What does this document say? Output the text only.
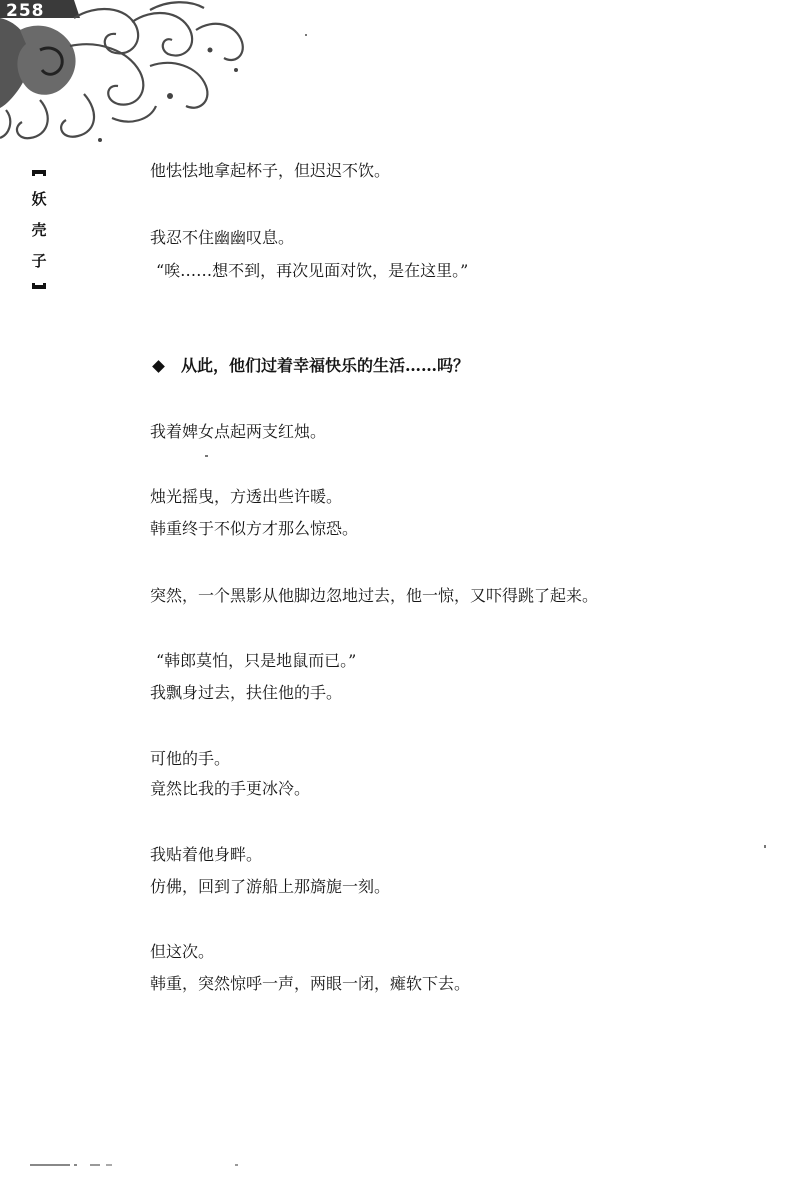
258
妖
壳
子
他怯怯地拿起杯子，但迟迟不饮。
我忍不住幽幽叹息。
“唉……想不到，再次见面对饮，是在这里。”
从此，他们过着幸福快乐的生活……吗？
我着婢女点起两支红烛。
烛光摇曳，方透出些许暖。
韩重终于不似方才那么惊恐。
突然，一个黑影从他脚边忽地过去，他一惊，又吓得跳了起来。
“韩郎莫怕，只是地鼠而已。”
我飘身过去，扶住他的手。
可他的手。
竟然比我的手更冰冷。
我贴着他身畔。
仿佛，回到了游船上那旖旎一刻。
但这次。
韩重，突然惊呼一声，两眼一闭，瘫软下去。
